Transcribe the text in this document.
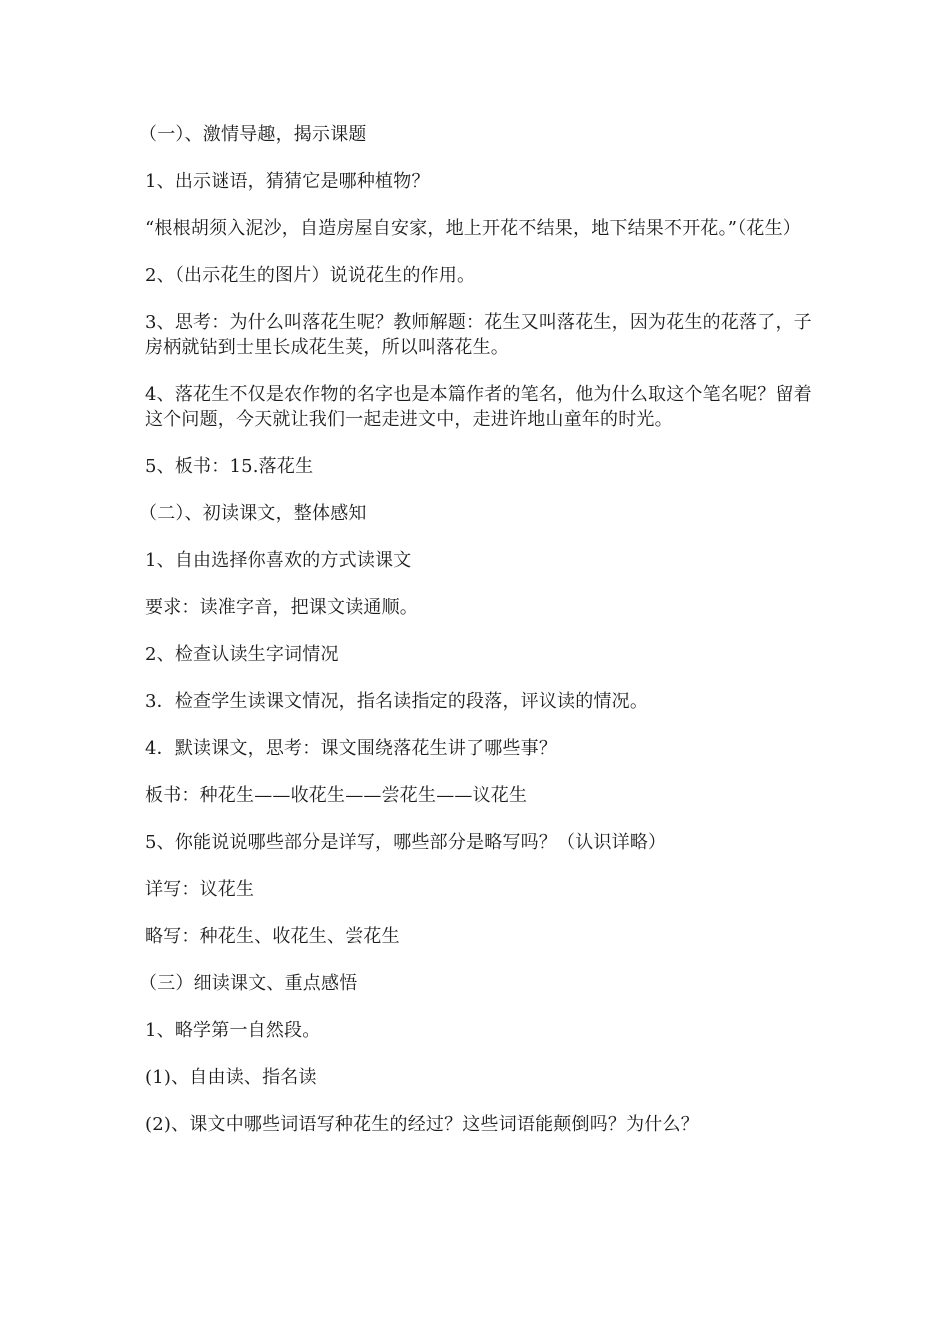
（一）、激情导趣，揭示课题

1、出示谜语，猜猜它是哪种植物？

“根根胡须入泥沙，自造房屋自安家，地上开花不结果，地下结果不开花。”（花生）

2、（出示花生的图片）说说花生的作用。

3、思考：为什么叫落花生呢？教师解题：花生又叫落花生，因为花生的花落了，子房柄就钻到士里长成花生荚，所以叫落花生。

4、落花生不仅是农作物的名字也是本篇作者的笔名，他为什么取这个笔名呢？留着这个问题，今天就让我们一起走进文中，走进许地山童年的时光。

5、板书：15.落花生

（二）、初读课文，整体感知

1、自由选择你喜欢的方式读课文

要求：读准字音，把课文读通顺。

2、检查认读生字词情况

3．检查学生读课文情况，指名读指定的段落，评议读的情况。

4．默读课文，思考：课文围绕落花生讲了哪些事？

板书：种花生——收花生——尝花生——议花生

5、你能说说哪些部分是详写，哪些部分是略写吗？（认识详略）

详写：议花生

略写：种花生、收花生、尝花生

（三）细读课文、重点感悟

1、略学第一自然段。

(1)、自由读、指名读

(2)、课文中哪些词语写种花生的经过？这些词语能颠倒吗？为什么？
